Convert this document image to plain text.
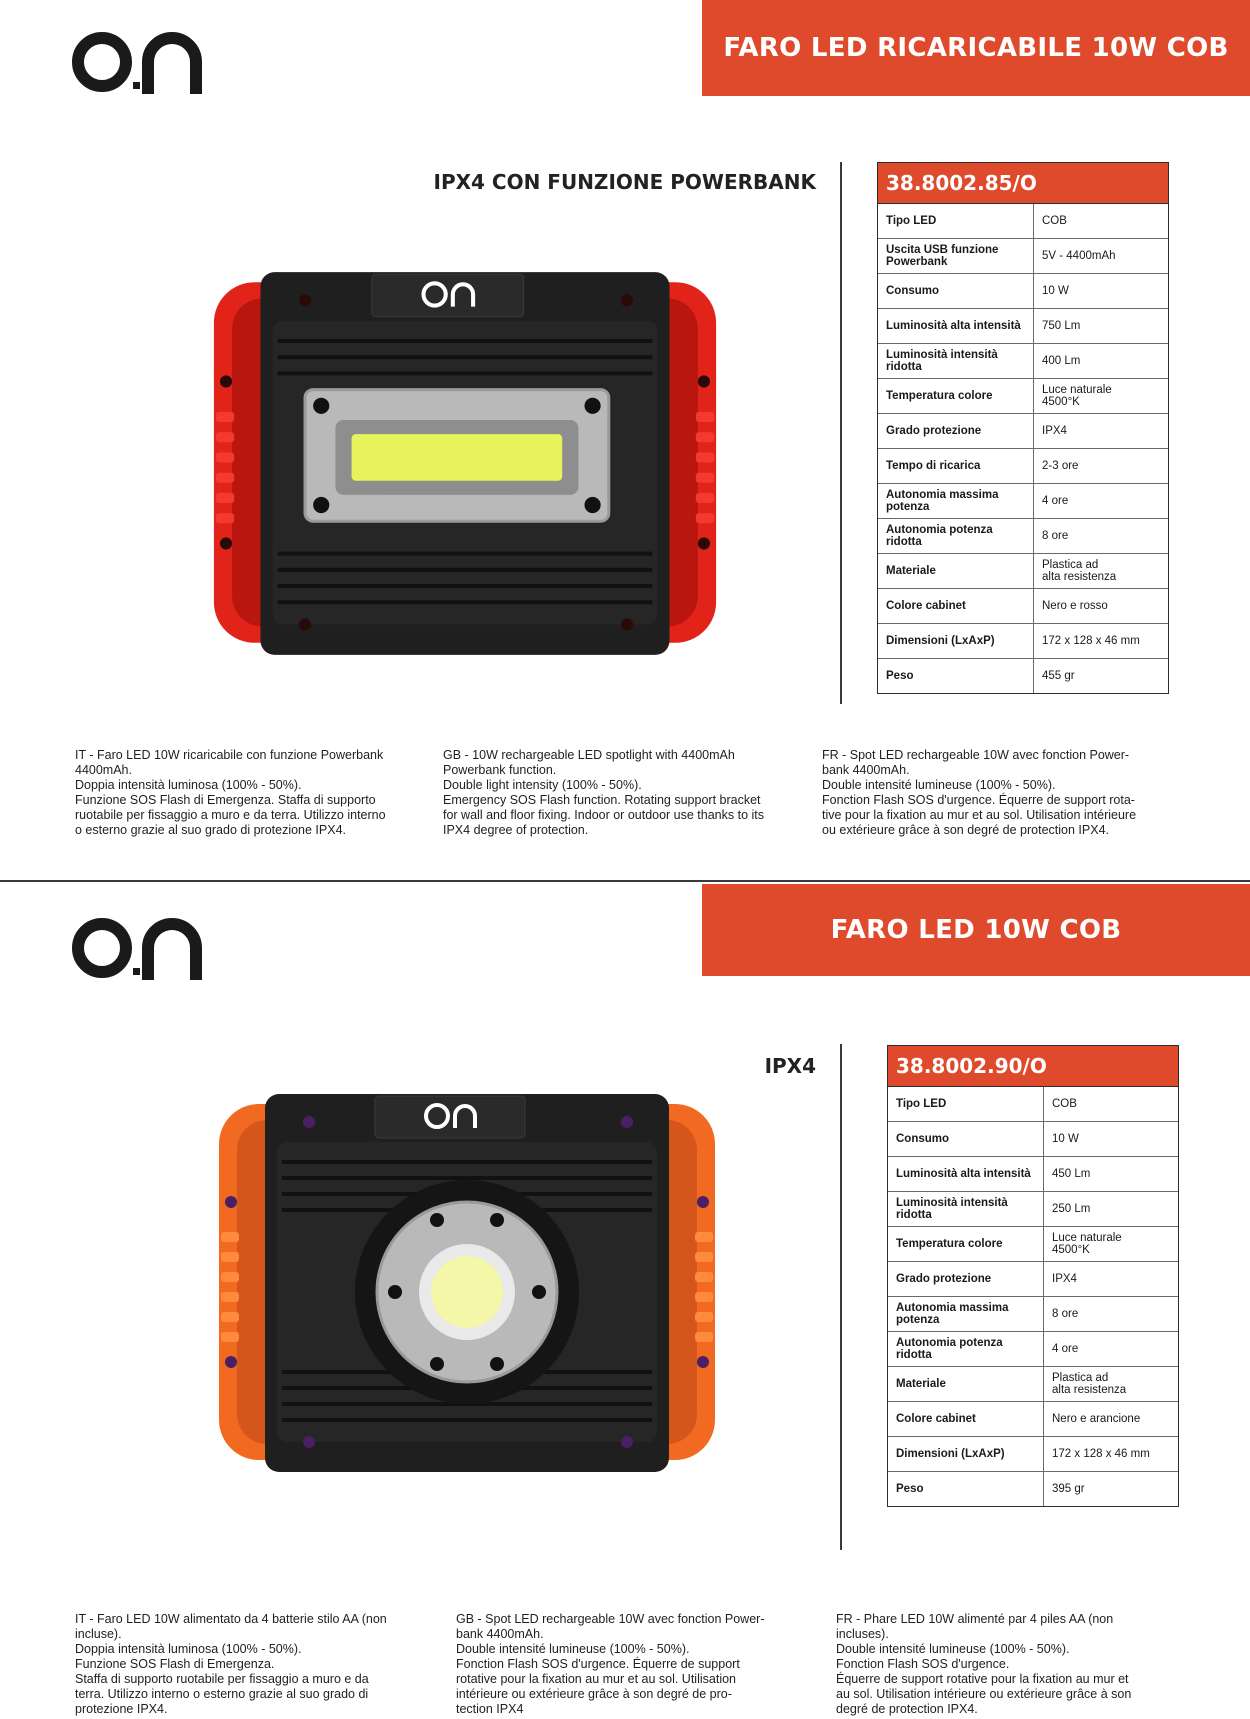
FARO LED RICARICABILE 10W COB
IPX4 CON FUNZIONE POWERBANK	38.8002.85/O
Tipo LED	COB
Uscita USB funzione Powerbank	5V - 4400mAh
Consumo	10 W
Luminosità alta intensità	750 Lm
Luminosità intensità ridotta	400 Lm
Temperatura colore	Luce naturale
4500°K
Grado protezione	IPX4
Tempo di ricarica	2-3 ore
Autonomia massima potenza	4 ore
Autonomia potenza ridotta	8 ore
Materiale	Plastica ad
alta resistenza
Colore cabinet	Nero e rosso
Dimensioni (LxAxP)	172 x 128 x 46 mm
Peso	455 gr

IT - Faro LED 10W ricaricabile con funzione Powerbank
4400mAh.
Doppia intensità luminosa (100% - 50%).
Funzione SOS Flash di Emergenza. Staffa di supporto
ruotabile per fissaggio a muro e da terra. Utilizzo interno
o esterno grazie al suo grado di protezione IPX4.

GB - 10W rechargeable LED spotlight with 4400mAh
Powerbank function.
Double light intensity (100% - 50%).
Emergency SOS Flash function. Rotating support bracket
for wall and floor fixing. Indoor or outdoor use thanks to its
IPX4 degree of protection.

FR - Spot LED rechargeable 10W avec fonction Power-
bank 4400mAh.
Double intensité lumineuse (100% - 50%).
Fonction Flash SOS d'urgence. Équerre de support rota-
tive pour la fixation au mur et au sol. Utilisation intérieure
ou extérieure grâce à son degré de protection IPX4.

FARO LED 10W COB
IPX4	38.8002.90/O
Tipo LED	COB
Consumo	10 W
Luminosità alta intensità	450 Lm
Luminosità intensità ridotta	250 Lm
Temperatura colore	Luce naturale
4500°K
Grado protezione	IPX4
Autonomia massima potenza	8 ore
Autonomia potenza ridotta	4 ore
Materiale	Plastica ad
alta resistenza
Colore cabinet	Nero e arancione
Dimensioni (LxAxP)	172 x 128 x 46 mm
Peso	395 gr

IT - Faro LED 10W alimentato da 4 batterie stilo AA (non
incluse).
Doppia intensità luminosa (100% - 50%).
Funzione SOS Flash di Emergenza.
Staffa di supporto ruotabile per fissaggio a muro e da
terra. Utilizzo interno o esterno grazie al suo grado di
protezione IPX4.

GB - Spot LED rechargeable 10W avec fonction Power-
bank 4400mAh.
Double intensité lumineuse (100% - 50%).
Fonction Flash SOS d'urgence. Équerre de support
rotative pour la fixation au mur et au sol. Utilisation
intérieure ou extérieure grâce à son degré de pro-
tection IPX4

FR - Phare LED 10W alimenté par 4 piles AA (non
incluses).
Double intensité lumineuse (100% - 50%).
Fonction Flash SOS d'urgence.
Équerre de support rotative pour la fixation au mur et
au sol. Utilisation intérieure ou extérieure grâce à son
degré de protection IPX4.
